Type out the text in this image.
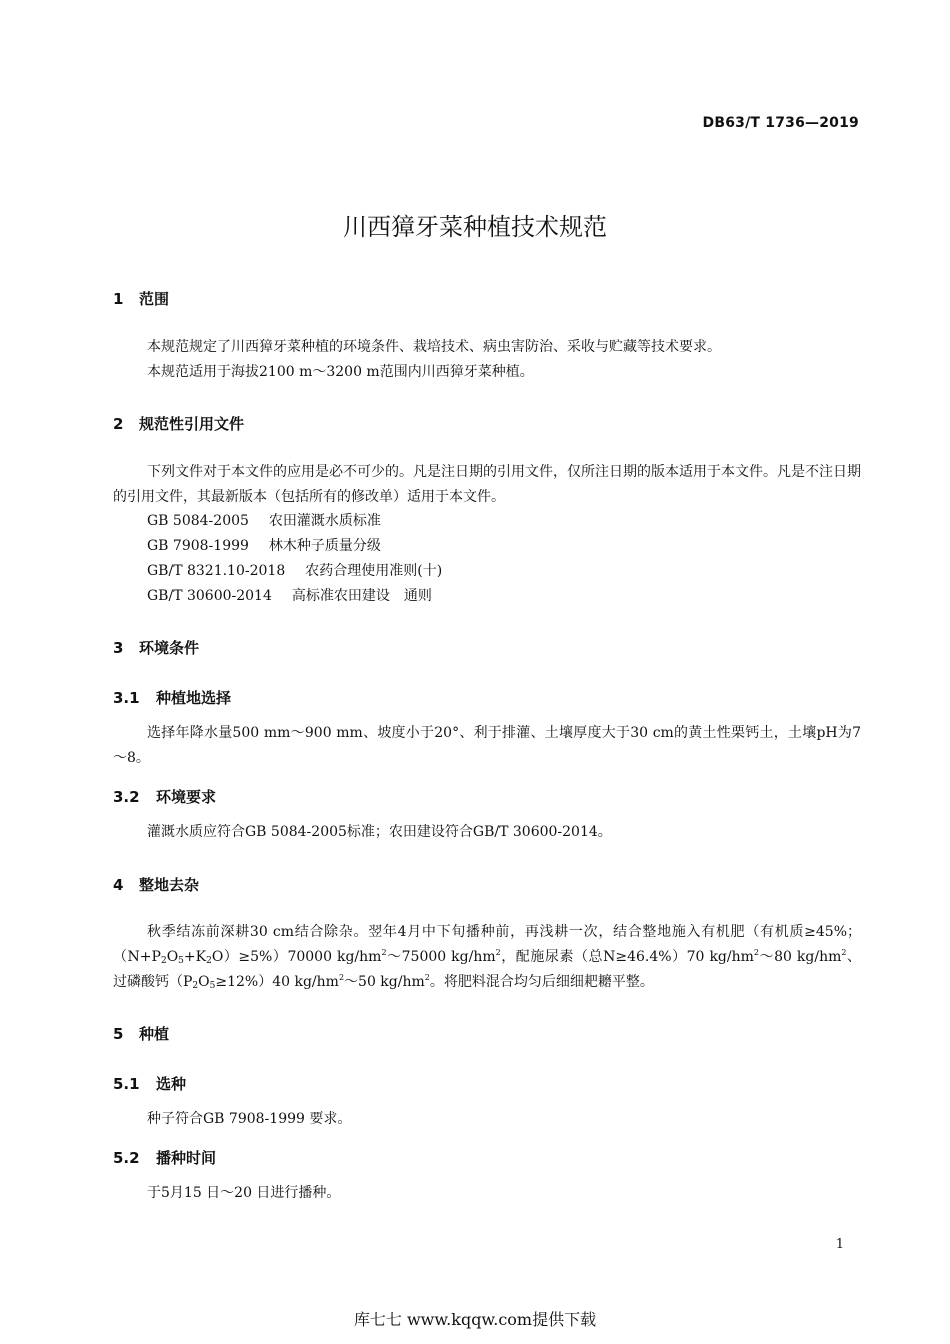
DB63/T 1736—2019
川西獐牙菜种植技术规范
1 范围
本规范规定了川西獐牙菜种植的环境条件、栽培技术、病虫害防治、采收与贮藏等技术要求。
本规范适用于海拔2100 m～3200 m范围内川西獐牙菜种植。
2 规范性引用文件
下列文件对于本文件的应用是必不可少的。凡是注日期的引用文件，仅所注日期的版本适用于本文件。凡是不注日期的引用文件，其最新版本（包括所有的修改单）适用于本文件。
GB 5084-2005 农田灌溉水质标准
GB 7908-1999 林木种子质量分级
GB/T 8321.10-2018 农药合理使用准则(十)
GB/T 30600-2014 高标准农田建设　通则
3 环境条件
3.1 种植地选择
选择年降水量500 mm～900 mm、坡度小于20°、利于排灌、土壤厚度大于30 cm的黄土性栗钙土，土壤pH为7～8。
3.2 环境要求
灌溉水质应符合GB 5084-2005标准；农田建设符合GB/T 30600-2014。
4 整地去杂
秋季结冻前深耕30 cm结合除杂。翌年4月中下旬播种前，再浅耕一次，结合整地施入有机肥（有机质≥45%；$(N+P_2O_5+K_2O)\ge 5\%)70000$ $kg/hm^2\sim 75000$ $kg/hm^2$，配施尿素（总N≥46.4%）70 $kg/hm^2\sim 80$ $kg/hm^2$、过磷酸钙$(P_2O_5\ge 12\%)40$ $kg/hm^2\sim 50$ $kg/hm^2$。将肥料混合均匀后细细耙耱平整。
5 种植
5.1 选种
种子符合GB 7908-1999 要求。
5.2 播种时间
于5月15 日～20 日进行播种。
1
库七七 www.kqqw.com提供下载
